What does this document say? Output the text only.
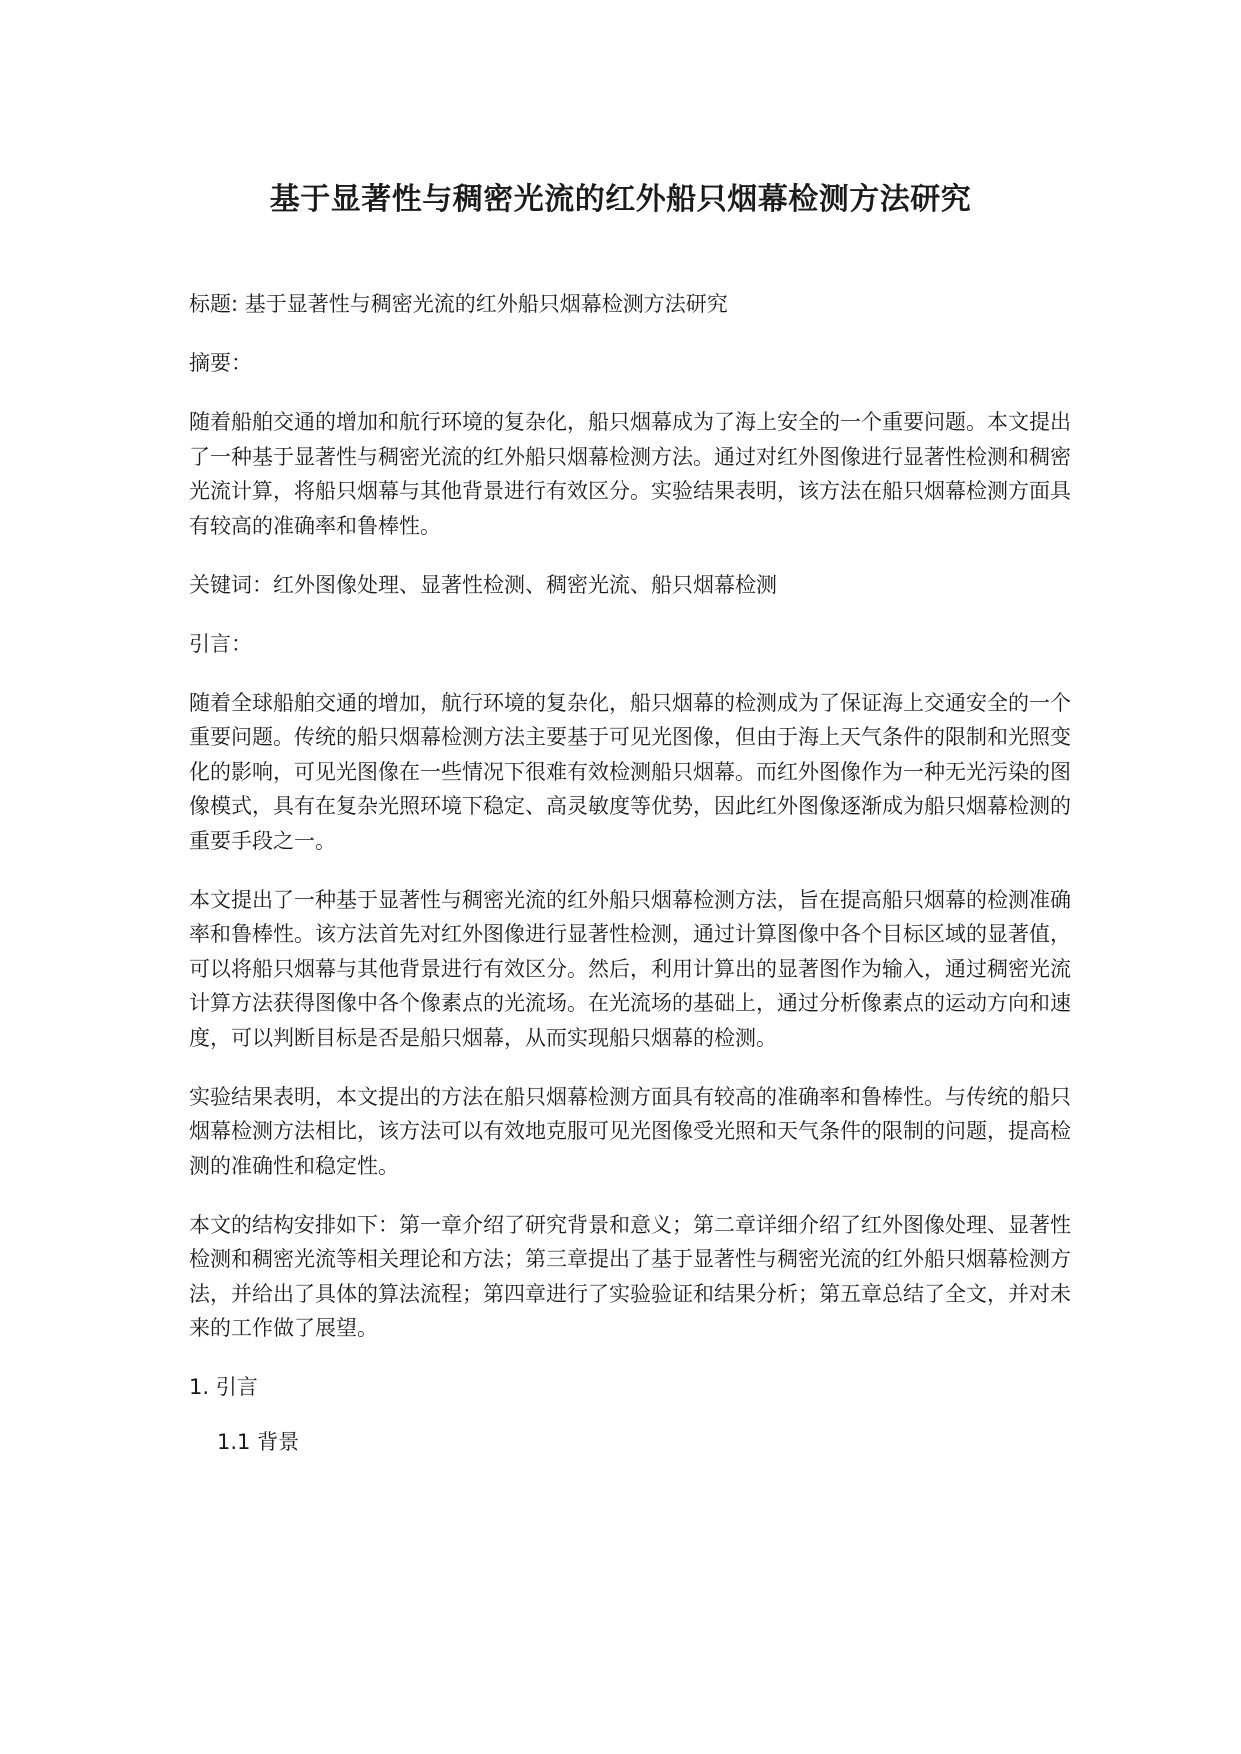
基于显著性与稠密光流的红外船只烟幕检测方法研究

标题: 基于显著性与稠密光流的红外船只烟幕检测方法研究

摘要：

随着船舶交通的增加和航行环境的复杂化，船只烟幕成为了海上安全的一个重要问题。本文提出了一种基于显著性与稠密光流的红外船只烟幕检测方法。通过对红外图像进行显著性检测和稠密光流计算，将船只烟幕与其他背景进行有效区分。实验结果表明，该方法在船只烟幕检测方面具有较高的准确率和鲁棒性。

关键词：红外图像处理、显著性检测、稠密光流、船只烟幕检测

引言：

随着全球船舶交通的增加，航行环境的复杂化，船只烟幕的检测成为了保证海上交通安全的一个重要问题。传统的船只烟幕检测方法主要基于可见光图像，但由于海上天气条件的限制和光照变化的影响，可见光图像在一些情况下很难有效检测船只烟幕。而红外图像作为一种无光污染的图像模式，具有在复杂光照环境下稳定、高灵敏度等优势，因此红外图像逐渐成为船只烟幕检测的重要手段之一。

本文提出了一种基于显著性与稠密光流的红外船只烟幕检测方法，旨在提高船只烟幕的检测准确率和鲁棒性。该方法首先对红外图像进行显著性检测，通过计算图像中各个目标区域的显著值，可以将船只烟幕与其他背景进行有效区分。然后，利用计算出的显著图作为输入，通过稠密光流计算方法获得图像中各个像素点的光流场。在光流场的基础上，通过分析像素点的运动方向和速度，可以判断目标是否是船只烟幕，从而实现船只烟幕的检测。

实验结果表明，本文提出的方法在船只烟幕检测方面具有较高的准确率和鲁棒性。与传统的船只烟幕检测方法相比，该方法可以有效地克服可见光图像受光照和天气条件的限制的问题，提高检测的准确性和稳定性。

本文的结构安排如下：第一章介绍了研究背景和意义；第二章详细介绍了红外图像处理、显著性检测和稠密光流等相关理论和方法；第三章提出了基于显著性与稠密光流的红外船只烟幕检测方法，并给出了具体的算法流程；第四章进行了实验验证和结果分析；第五章总结了全文，并对未来的工作做了展望。

1. 引言

1.1 背景
